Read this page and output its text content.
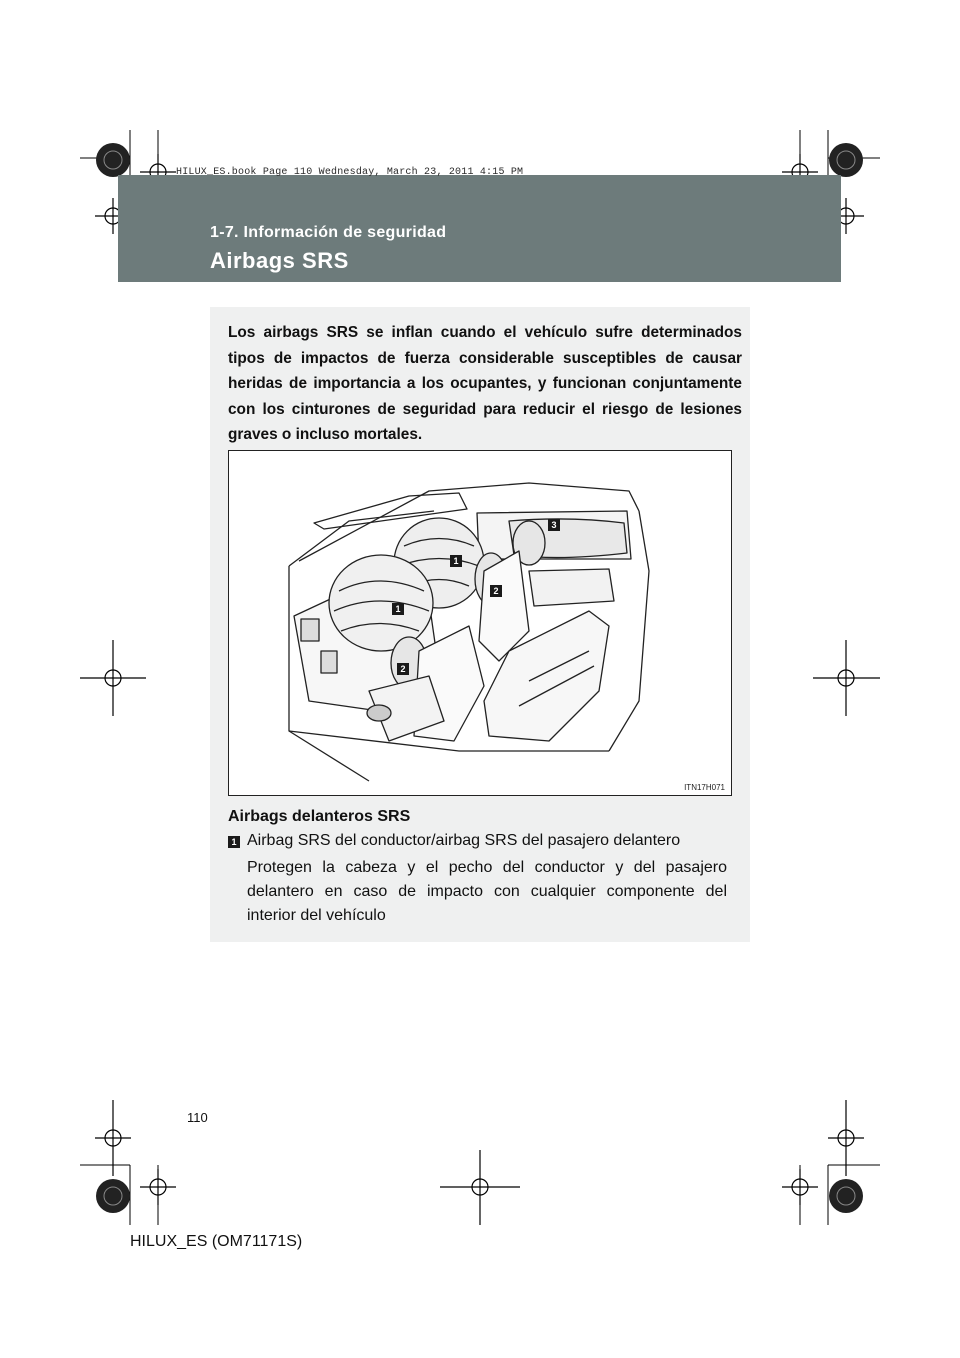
HILUX_ES.book Page 110 Wednesday, March 23, 2011 4:15 PM
1-7. Información de seguridad
Airbags SRS
Los airbags SRS se inflan cuando el vehículo sufre determinados tipos de impactos de fuerza considerable susceptibles de causar heridas de importancia a los ocupantes, y funcionan conjuntamente con los cinturones de seguridad para reducir el riesgo de lesiones graves o incluso mortales.
1
1
2
2
3
ITN17H071
Airbags delanteros SRS
1 Airbag SRS del conductor/airbag SRS del pasajero delantero
Protegen la cabeza y el pecho del conductor y del pasajero delantero en caso de impacto con cualquier componente del interior del vehículo
110
HILUX_ES (OM71171S)
